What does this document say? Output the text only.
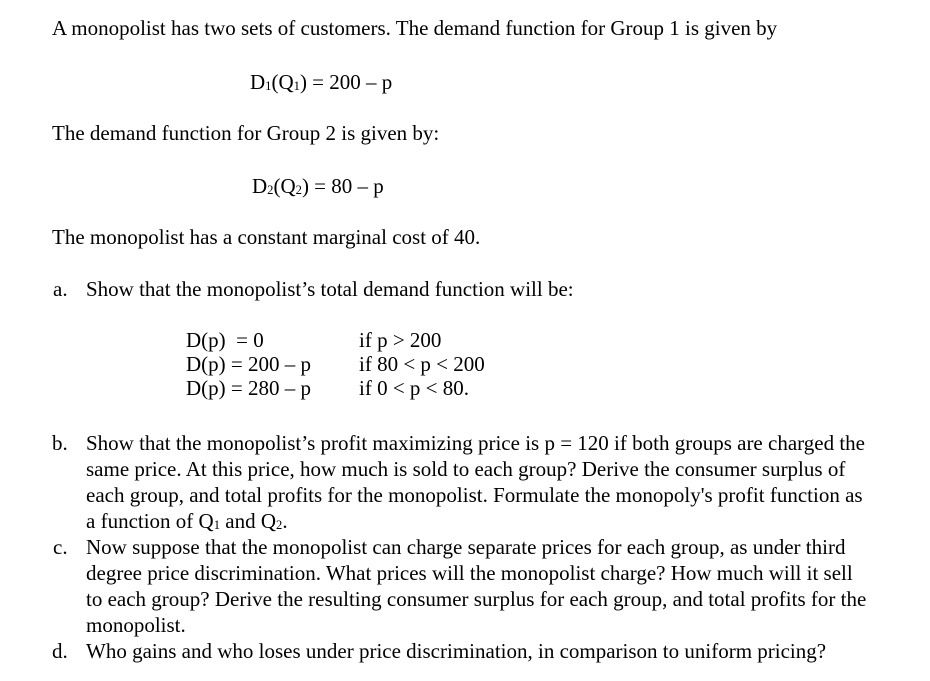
A monopolist has two sets of customers. The demand function for Group 1 is given by
$D_1(Q_1) = 200 - p$
The demand function for Group 2 is given by:
$D_2(Q_2) = 80 - p$
The monopolist has a constant marginal cost of 40.
a. Show that the monopolist’s total demand function will be:
D(p)  = 0	if p > 200
D(p) = 200 – p if 80 < p < 200
D(p) = 280 – p if 0 < p < 80.
b. Show that the monopolist’s profit maximizing price is p = 120 if both groups are charged the
same price. At this price, how much is sold to each group? Derive the consumer surplus of
each group, and total profits for the monopolist. Formulate the monopoly's profit function as
a function of $Q_1$ and $Q_2$.
c. Now suppose that the monopolist can charge separate prices for each group, as under third
degree price discrimination. What prices will the monopolist charge? How much will it sell
to each group? Derive the resulting consumer surplus for each group, and total profits for the
monopolist.
d. Who gains and who loses under price discrimination, in comparison to uniform pricing?
